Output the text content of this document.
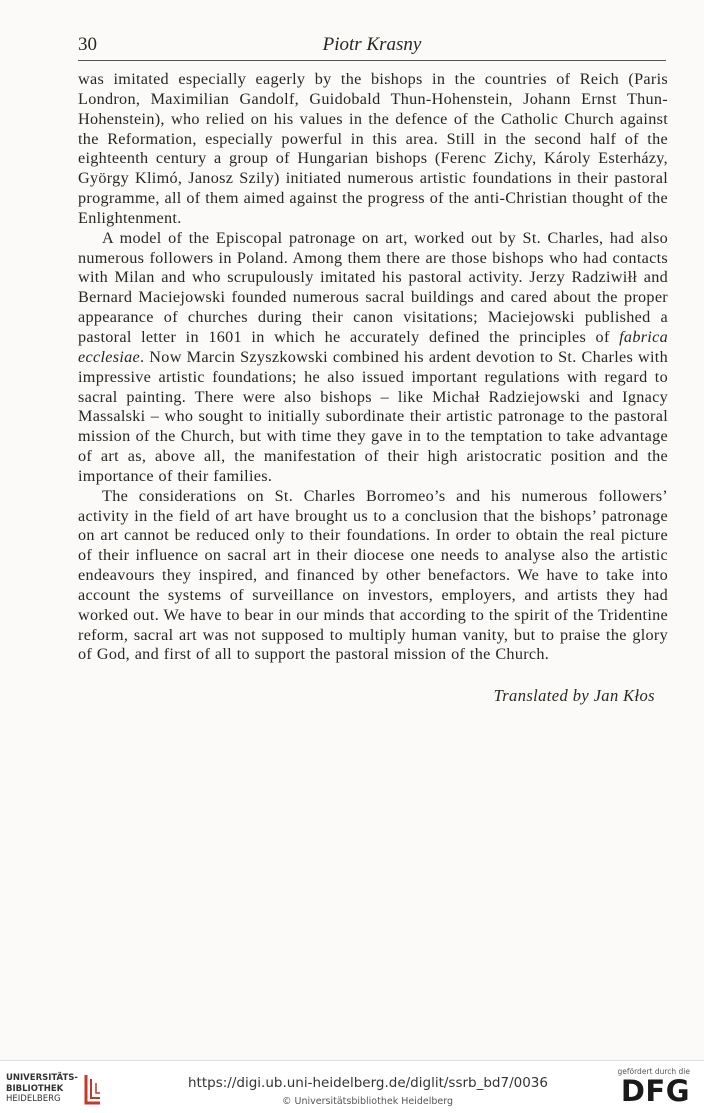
30	Piotr Krasny

was imitated especially eagerly by the bishops in the countries of Reich (Paris Londron, Maximilian Gandolf, Guidobald Thun-Hohenstein, Johann Ernst Thun-Hohenstein), who relied on his values in the defence of the Catholic Church against the Reformation, especially powerful in this area. Still in the second half of the eighteenth century a group of Hungarian bishops (Ferenc Zichy, Károly Esterházy, György Klimó, Janosz Szily) initiated numerous artistic foundations in their pastoral programme, all of them aimed against the progress of the anti-Christian thought of the Enlightenment.

A model of the Episcopal patronage on art, worked out by St. Charles, had also numerous followers in Poland. Among them there are those bishops who had contacts with Milan and who scrupulously imitated his pastoral activity. Jerzy Radziwiłł and Bernard Maciejowski founded numerous sacral buildings and cared about the proper appearance of churches during their canon visitations; Maciejowski published a pastoral letter in 1601 in which he accurately defined the principles of fabrica ecclesiae. Now Marcin Szyszkowski combined his ardent devotion to St. Charles with impressive artistic foundations; he also issued important regulations with regard to sacral painting. There were also bishops – like Michał Radziejowski and Ignacy Massalski – who sought to initially subordinate their artistic patronage to the pastoral mission of the Church, but with time they gave in to the temptation to take advantage of art as, above all, the manifestation of their high aristocratic position and the importance of their families.

The considerations on St. Charles Borromeo’s and his numerous followers’ activity in the field of art have brought us to a conclusion that the bishops’ patronage on art cannot be reduced only to their foundations. In order to obtain the real picture of their influence on sacral art in their diocese one needs to analyse also the artistic endeavours they inspired, and financed by other benefactors. We have to take into account the systems of surveillance on investors, employers, and artists they had worked out. We have to bear in our minds that according to the spirit of the Tridentine reform, sacral art was not supposed to multiply human vanity, but to praise the glory of God, and first of all to support the pastoral mission of the Church.

Translated by Jan Kłos
UNIVERSITÄTS-
BIBLIOTHEK
HEIDELBERG
https://digi.ub.uni-heidelberg.de/diglit/ssrb_bd7/0036
© Universitätsbibliothek Heidelberg
gefördert durch die
DFG
